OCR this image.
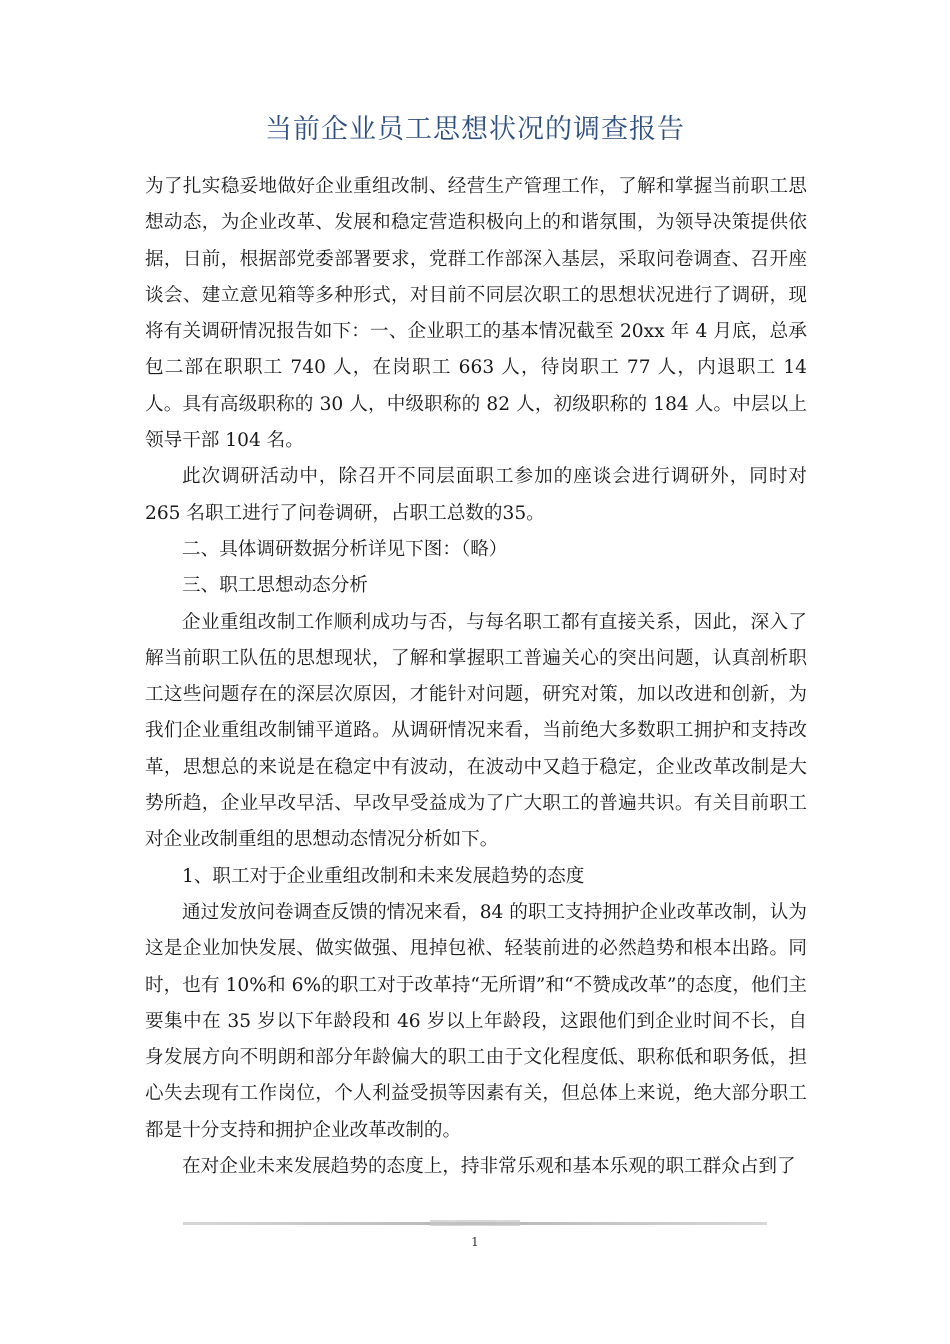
当前企业员工思想状况的调查报告

为了扎实稳妥地做好企业重组改制、经营生产管理工作，了解和掌握当前职工思想动态，为企业改革、发展和稳定营造积极向上的和谐氛围，为领导决策提供依据，日前，根据部党委部署要求，党群工作部深入基层，采取问卷调查、召开座谈会、建立意见箱等多种形式，对目前不同层次职工的思想状况进行了调研，现将有关调研情况报告如下：一、企业职工的基本情况截至 20xx 年 4 月底，总承包二部在职职工 740 人，在岗职工 663 人，待岗职工 77 人，内退职工 14 人。具有高级职称的 30 人，中级职称的 82 人，初级职称的 184 人。中层以上领导干部 104 名。

此次调研活动中，除召开不同层面职工参加的座谈会进行调研外，同时对 265 名职工进行了问卷调研，占职工总数的35。

二、具体调研数据分析详见下图：（略）

三、职工思想动态分析

企业重组改制工作顺利成功与否，与每名职工都有直接关系，因此，深入了解当前职工队伍的思想现状，了解和掌握职工普遍关心的突出问题，认真剖析职工这些问题存在的深层次原因，才能针对问题，研究对策，加以改进和创新，为我们企业重组改制铺平道路。从调研情况来看，当前绝大多数职工拥护和支持改革，思想总的来说是在稳定中有波动，在波动中又趋于稳定，企业改革改制是大势所趋，企业早改早活、早改早受益成为了广大职工的普遍共识。有关目前职工对企业改制重组的思想动态情况分析如下。

1、职工对于企业重组改制和未来发展趋势的态度

通过发放问卷调查反馈的情况来看，84 的职工支持拥护企业改革改制，认为这是企业加快发展、做实做强、甩掉包袱、轻装前进的必然趋势和根本出路。同时，也有 10%和 6%的职工对于改革持“无所谓”和“不赞成改革”的态度，他们主要集中在 35 岁以下年龄段和 46 岁以上年龄段，这跟他们到企业时间不长，自身发展方向不明朗和部分年龄偏大的职工由于文化程度低、职称低和职务低，担心失去现有工作岗位，个人利益受损等因素有关，但总体上来说，绝大部分职工都是十分支持和拥护企业改革改制的。

在对企业未来发展趋势的态度上，持非常乐观和基本乐观的职工群众占到了

1
